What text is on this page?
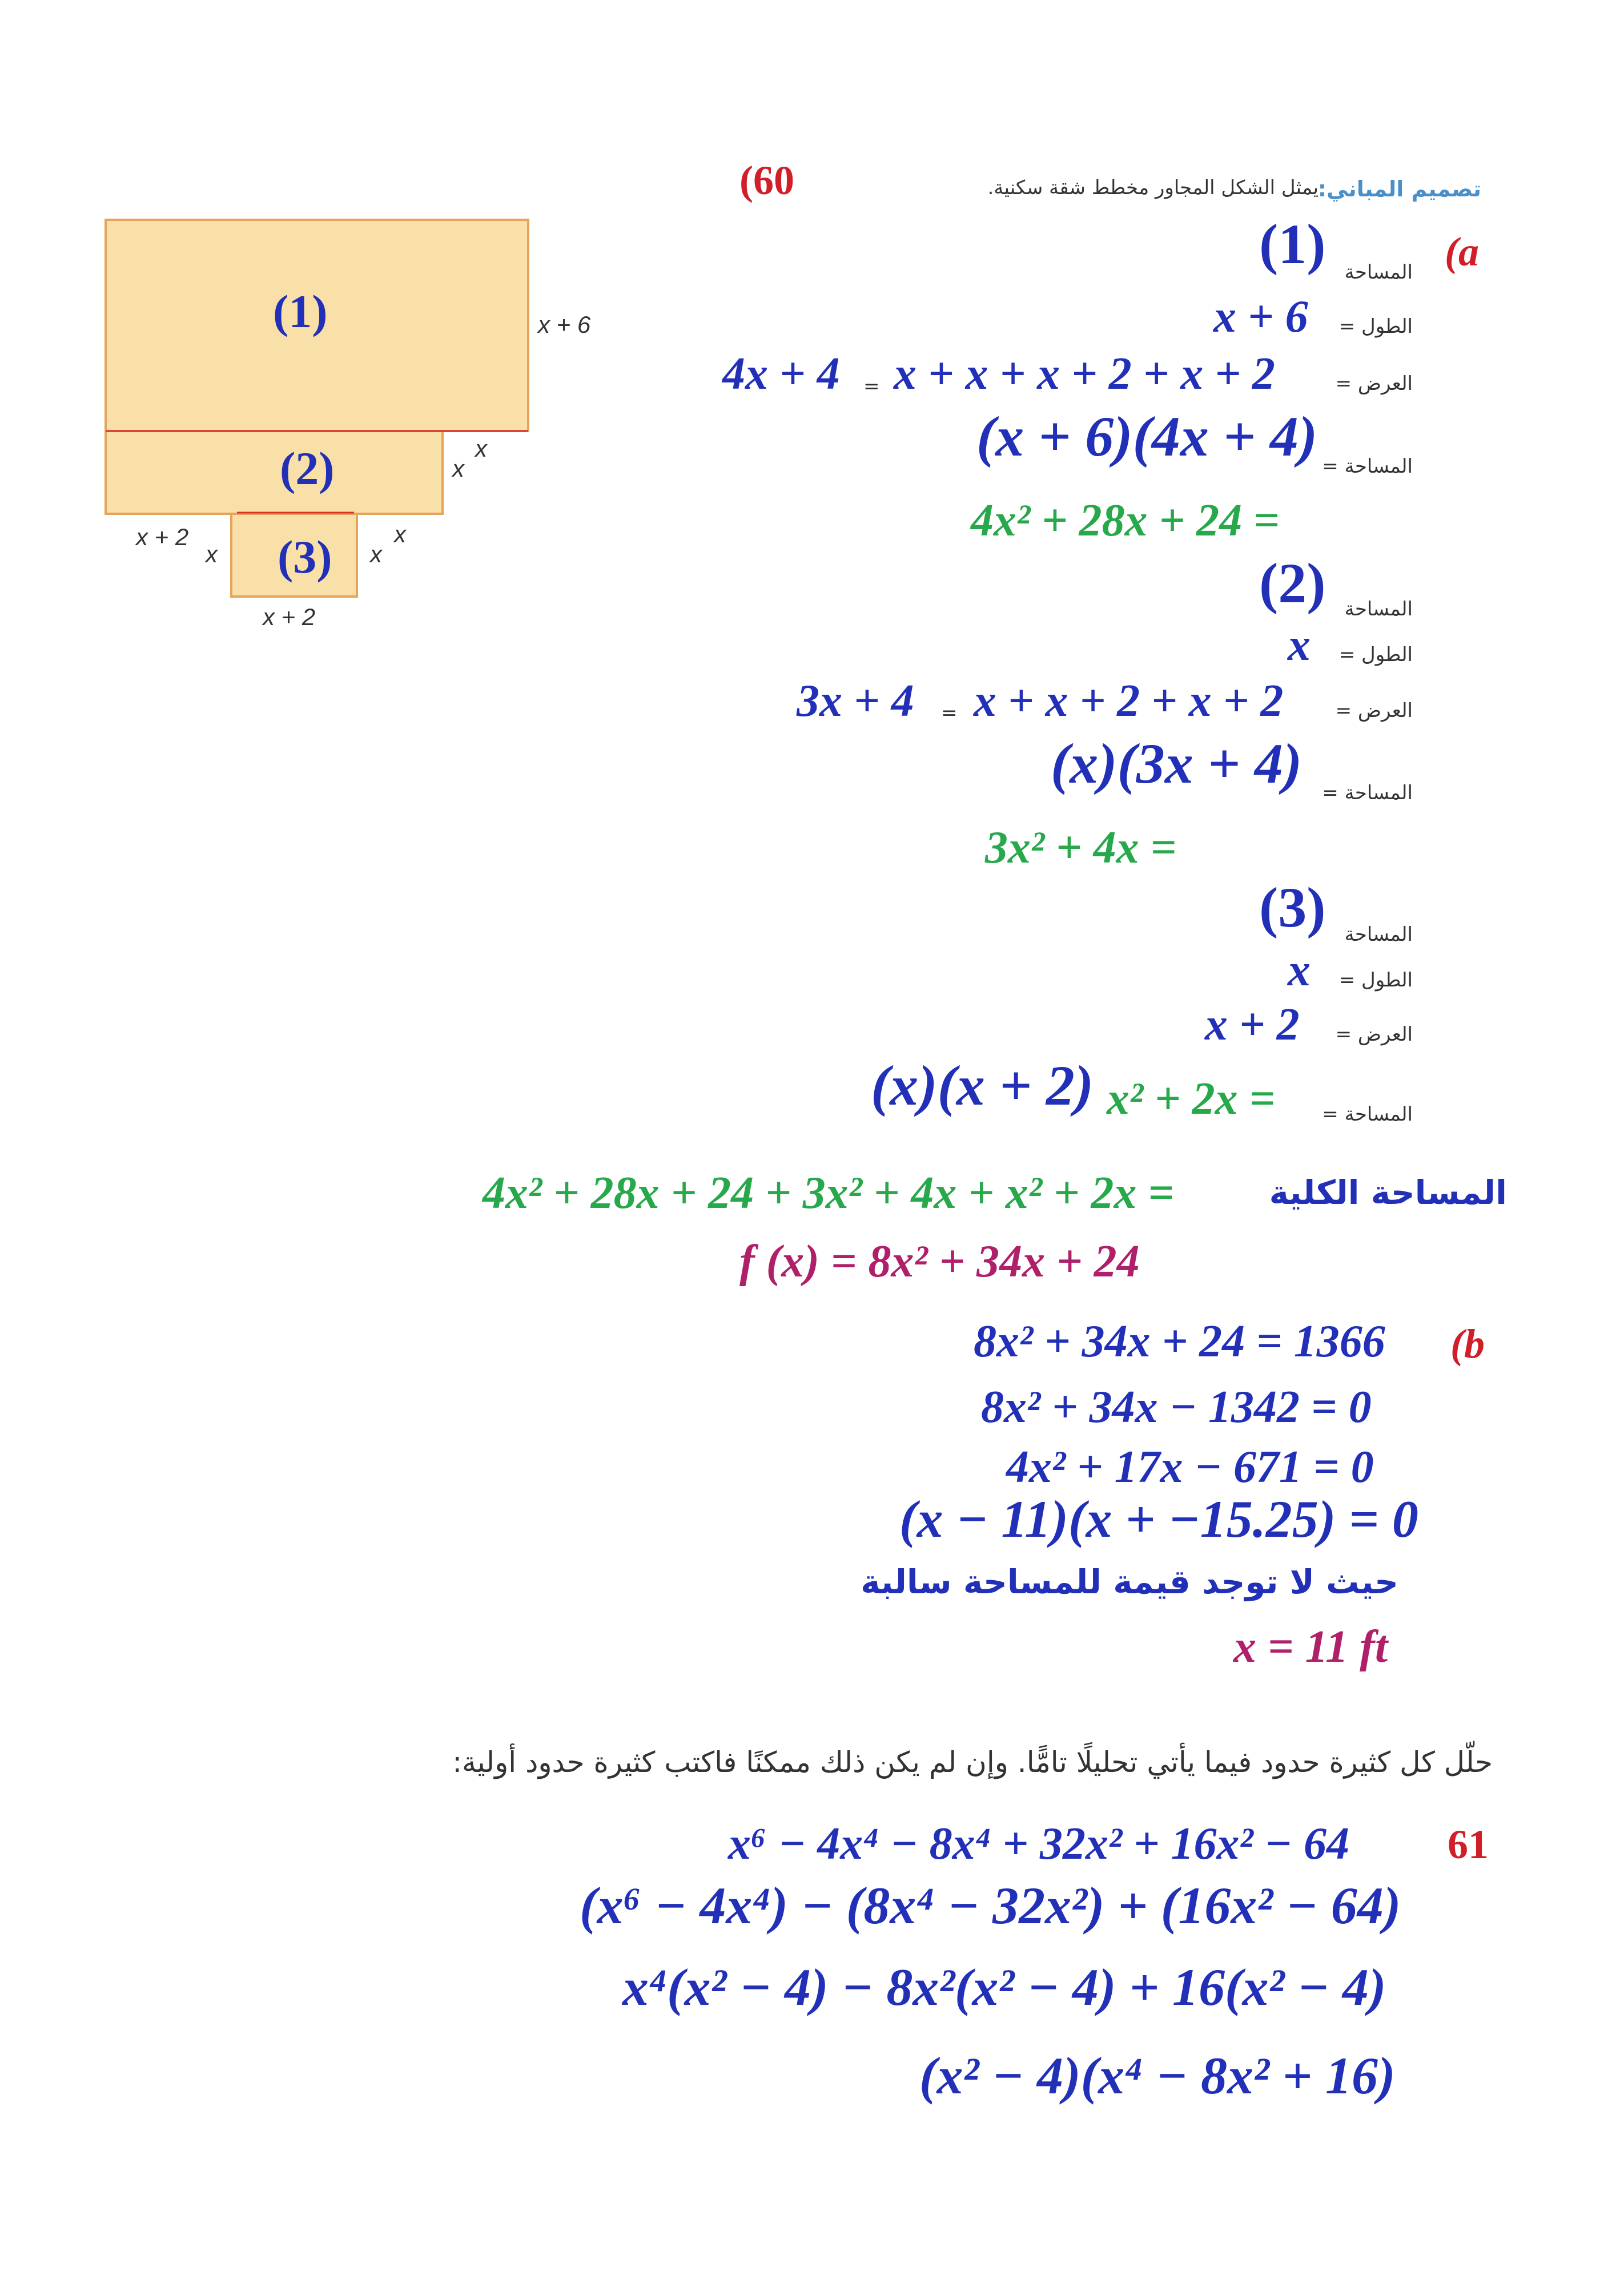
(1)
(2)
(3)
x + 6
x
x
x + 2
x	x
x
x + 2
تصميم المباني:
يمثل الشكل المجاور مخطط شقة سكنية.
(60
(a
المساحة
(1)
الطول =
x + 6
العرض =
x + x + x + 2 + x + 2
=
4x + 4
المساحة =
(x + 6)(4x + 4)
4x² + 28x + 24 =
المساحة
(2)
الطول =
x
العرض =
x + x + 2 + x + 2
=
3x + 4
المساحة =
(x)(3x + 4)
3x² + 4x =
المساحة
(3)
الطول =
x
العرض =
x + 2
المساحة =
x² + 2x =
(x)(x + 2)
المساحة الكلية
4x² + 28x + 24 + 3x² + 4x + x² + 2x =
f (x) = 8x² + 34x + 24
(b
8x² + 34x + 24 = 1366
8x² + 34x − 1342 = 0
4x² + 17x − 671 = 0
(x − 11)(x + −15.25) = 0
حيث لا توجد قيمة للمساحة سالبة
x = 11 ft
حلّل كل كثيرة حدود فيما يأتي تحليلًا تامًّا. وإن لم يكن ذلك ممكنًا فاكتب كثيرة حدود أولية:
61
x⁶ − 4x⁴ − 8x⁴ + 32x² + 16x² − 64
(x⁶ − 4x⁴) − (8x⁴ − 32x²) + (16x² − 64)
x⁴(x² − 4) − 8x²(x² − 4) + 16(x² − 4)
(x² − 4)(x⁴ − 8x² + 16)
